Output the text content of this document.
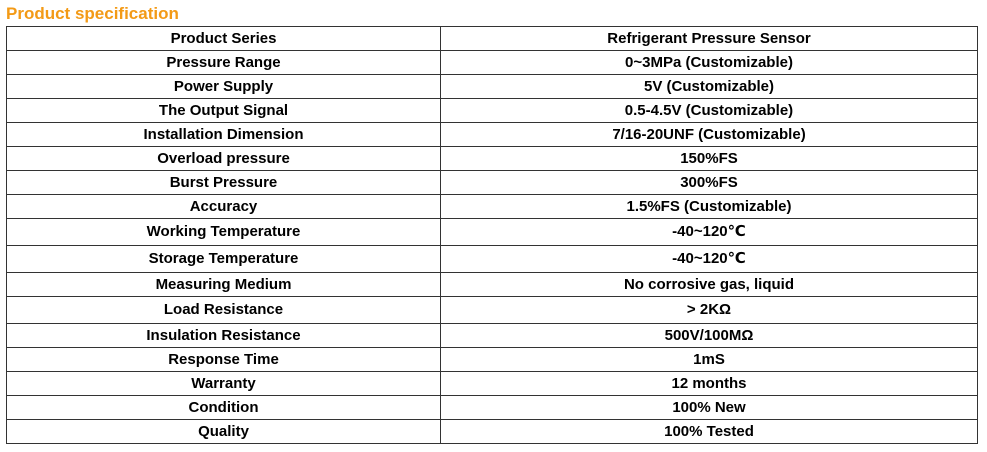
Product specification
Product Series	Refrigerant Pressure Sensor
Pressure Range	0~3MPa (Customizable)
Power Supply	5V (Customizable)
The Output Signal	0.5-4.5V (Customizable)
Installation Dimension	7/16-20UNF (Customizable)
Overload pressure	150%FS
Burst Pressure	300%FS
Accuracy	1.5%FS (Customizable)
Working Temperature	-40~120℃
Storage Temperature	-40~120℃
Measuring Medium	No corrosive gas, liquid
Load Resistance	> 2KΩ
Insulation Resistance	500V/100MΩ
Response Time	1mS
Warranty	12 months
Condition	100% New
Quality	100% Tested
